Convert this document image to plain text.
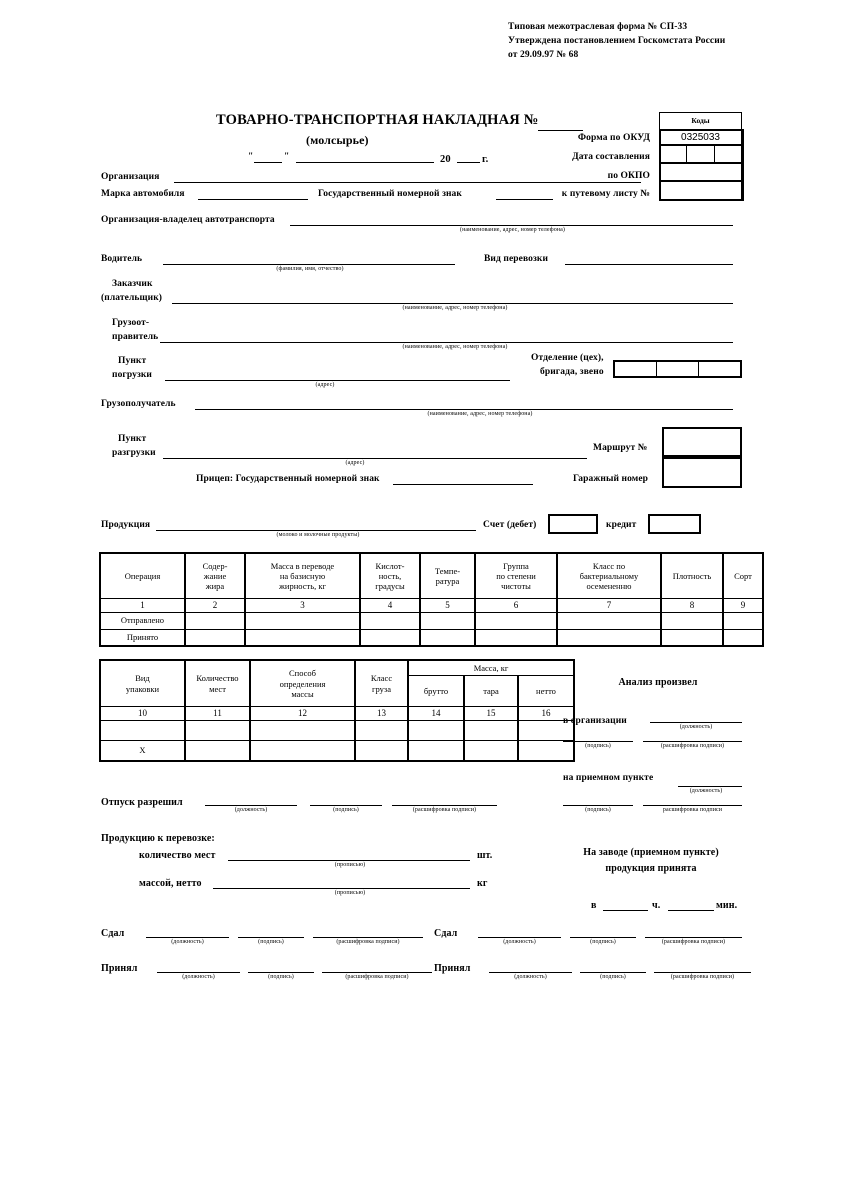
Типовая межотраслевая форма № СП-33
Утверждена постановлением Госкомстата России
от 29.09.97 № 68
ТОВАРНО-ТРАНСПОРТНАЯ НАКЛАДНАЯ №
(молсырье)
"	"	20	г.
Форма по ОКУД
Дата составления
по ОКПО
к путевому листу №
Коды
0325033
Организация
Марка автомобиля	Государственный номерной знак
Организация-владелец автотранспорта
(наименование, адрес, номер телефона)
Водитель
(фамилия, имя, отчество)
Вид перевозки
Заказчик
(плательщик)
(наименование, адрес, номер телефона)
Грузоот-
правитель
(наименование, адрес, номер телефона)
Пункт
погрузки
(адрес)
Отделение (цех),
бригада, звено
Грузополучатель
(наименование, адрес, номер телефона)
Пункт
разгрузки
(адрес)
Маршрут №
Прицеп: Государственный номерной знак	Гаражный номер
Продукция
(молоко и молочные продукты)
Счет (дебет)	кредит
Операция	Содер-
жание
жира	Масса в переводе
на базисную
жирность, кг	Кислот-
ность,
градусы	Темпе-
ратура	Группа
по степени
чистоты	Класс по
бактериальному
осемененню	Плотность	Сорт
1	2	3	4	5	6	7	8	9
Отправлено								
Принято								
Вид
упаковки	Количество
мест	Способ
определения
массы	Класс
груза	Масса, кг		
				брутто	тара	нетто
10	11	12	13	14	15	16

X						
Анализ произвел
в организации
(должность)
(подпись)	(расшифровка подписи)
на приемном пункте
(должность)
(подпись)	расшифровка подписи
Отпуск разрешил
(должность)	(подпись)	(расшифровка подписи)
Продукцию к перевозке:
количество мест
(прописью)
шт.
массой, нетто
(прописью)
кг
На заводе (приемном пункте)
продукция принята
в	ч.	мин.
Сдал
(должность)	(подпись)	(расшифровка подписи)
Принял
(должность)	(подпись)	(расшифровка подписи)
Сдал
(должность)	(подпись)	(расшифровка подписи)
Принял
(должность)	(подпись)	(расшифровка подписи)
